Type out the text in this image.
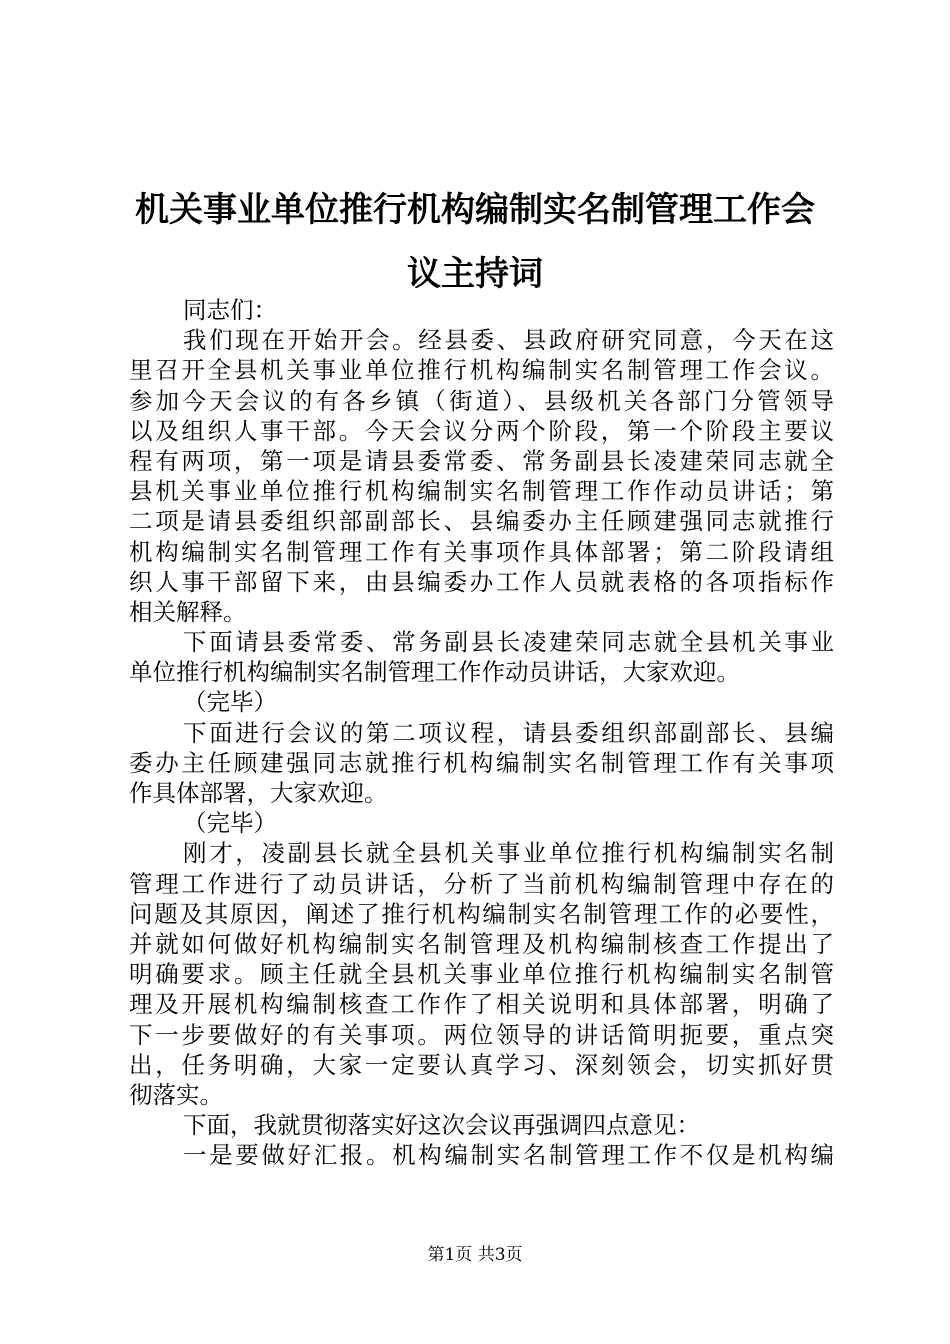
机关事业单位推行机构编制实名制管理工作会
议主持词
同志们：
我们现在开始开会。经县委、县政府研究同意，今天在这
里召开全县机关事业单位推行机构编制实名制管理工作会议。
参加今天会议的有各乡镇（街道）、县级机关各部门分管领导
以及组织人事干部。今天会议分两个阶段，第一个阶段主要议
程有两项，第一项是请县委常委、常务副县长凌建荣同志就全
县机关事业单位推行机构编制实名制管理工作作动员讲话；第
二项是请县委组织部副部长、县编委办主任顾建强同志就推行
机构编制实名制管理工作有关事项作具体部署；第二阶段请组
织人事干部留下来，由县编委办工作人员就表格的各项指标作
相关解释。
下面请县委常委、常务副县长凌建荣同志就全县机关事业
单位推行机构编制实名制管理工作作动员讲话，大家欢迎。
（完毕）
下面进行会议的第二项议程，请县委组织部副部长、县编
委办主任顾建强同志就推行机构编制实名制管理工作有关事项
作具体部署，大家欢迎。
（完毕）
刚才，凌副县长就全县机关事业单位推行机构编制实名制
管理工作进行了动员讲话，分析了当前机构编制管理中存在的
问题及其原因，阐述了推行机构编制实名制管理工作的必要性，
并就如何做好机构编制实名制管理及机构编制核查工作提出了
明确要求。顾主任就全县机关事业单位推行机构编制实名制管
理及开展机构编制核查工作作了相关说明和具体部署，明确了
下一步要做好的有关事项。两位领导的讲话简明扼要，重点突
出，任务明确，大家一定要认真学习、深刻领会，切实抓好贯
彻落实。
下面，我就贯彻落实好这次会议再强调四点意见：
一是要做好汇报。机构编制实名制管理工作不仅是机构编
第1页 共3页
